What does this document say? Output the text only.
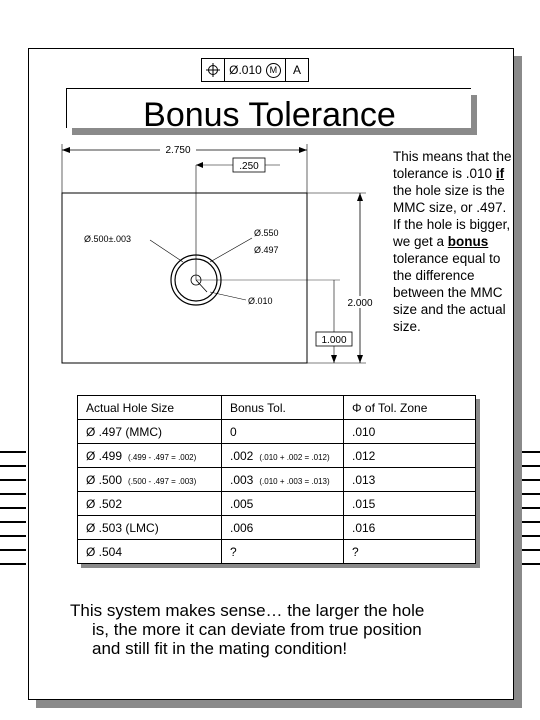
Ø.010 M	A
Bonus Tolerance
2.750
.250
Ø.500±.003
Ø.550
Ø.497
Ø.010	2.000
1.000
This means that the tolerance is .010 if the hole size is the MMC size, or .497. If the hole is bigger, we get a bonus tolerance equal to the difference between the MMC size and the actual size.
Actual Hole Size	Bonus Tol.	Φ of Tol. Zone
Ø .497 (MMC)	0	.010
Ø .499 (.499 - .497 = .002)	.002 (.010 + .002 = .012)	.012
Ø .500 (.500 - .497 = .003)	.003 (.010 + .003 = .013)	.013
Ø .502	.005	.015
Ø .503 (LMC)	.006	.016
Ø .504	?	?
This system makes sense… the larger the hole
is, the more it can deviate from true position
and still fit in the mating condition!
